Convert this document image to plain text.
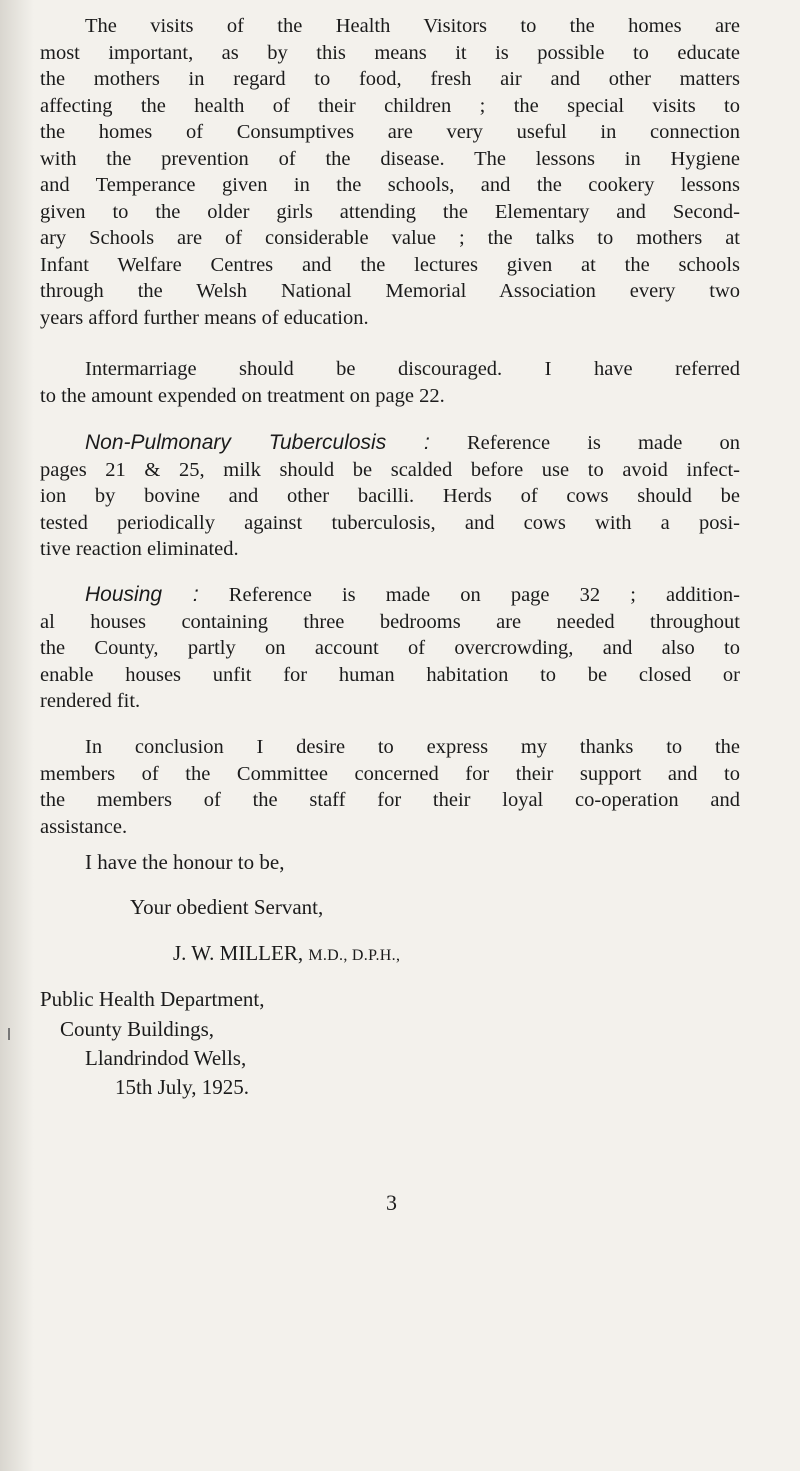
The visits of the Health Visitors to the homes are
most important, as by this means it is possible to educate
the mothers in regard to food, fresh air and other matters
affecting the health of their children ; the special visits to
the homes of Consumptives are very useful in connection
with the prevention of the disease. The lessons in Hygiene
and Temperance given in the schools, and the cookery lessons
given to the older girls attending the Elementary and Second-
ary Schools are of considerable value ; the talks to mothers at
Infant Welfare Centres and the lectures given at the schools
through the Welsh National Memorial Association every two
years afford further means of education.

Intermarriage should be discouraged. I have referred
to the amount expended on treatment on page 22.

Non-Pulmonary Tuberculosis : Reference is made on
pages 21 & 25, milk should be scalded before use to avoid infect-
ion by bovine and other bacilli. Herds of cows should be
tested periodically against tuberculosis, and cows with a posi-
tive reaction eliminated.

Housing : Reference is made on page 32 ; addition-
al houses containing three bedrooms are needed throughout
the County, partly on account of overcrowding, and also to
enable houses unfit for human habitation to be closed or
rendered fit.

In conclusion I desire to express my thanks to the
members of the Committee concerned for their support and to
the members of the staff for their loyal co-operation and
assistance.

I have the honour to be,

Your obedient Servant,

J. W. MILLER, M.D., D.P.H.,

Public Health Department,

County Buildings,

Llandrindod Wells,

15th July, 1925.

3
